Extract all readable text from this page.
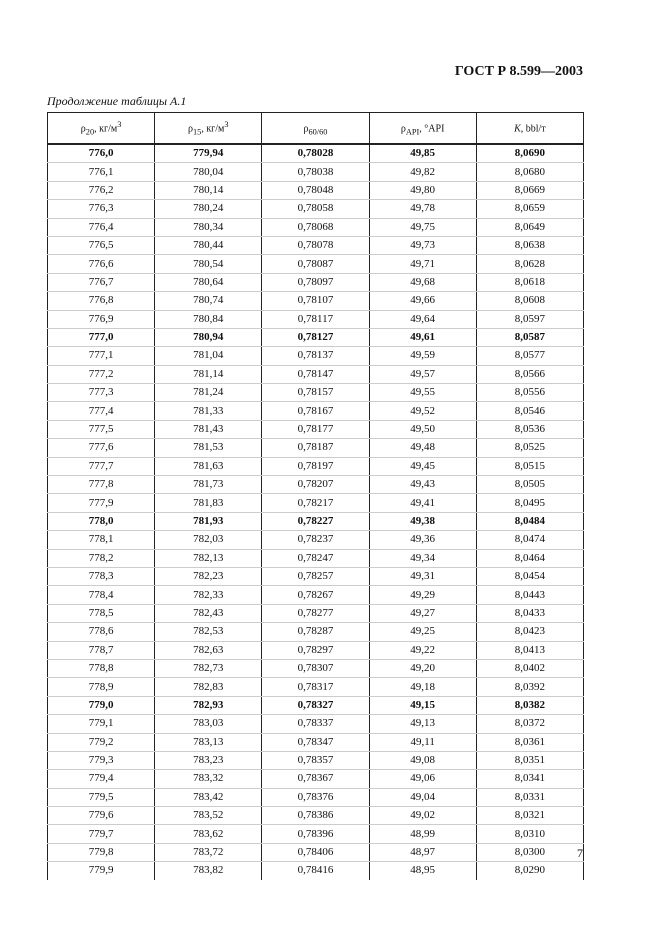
ГОСТ Р 8.599—2003
Продолжение таблицы А.1
$\rho_{20}$, $кг/м^3$	$\rho_{15}$, $кг/м^3$	$\rho_{60/60}$	$\rho_{API}$, °API	K, bbl/т
776,0	779,94	0,78028	49,85	8,0690
776,1	780,04	0,78038	49,82	8,0680
776,2	780,14	0,78048	49,80	8,0669
776,3	780,24	0,78058	49,78	8,0659
776,4	780,34	0,78068	49,75	8,0649
776,5	780,44	0,78078	49,73	8,0638
776,6	780,54	0,78087	49,71	8,0628
776,7	780,64	0,78097	49,68	8,0618
776,8	780,74	0,78107	49,66	8,0608
776,9	780,84	0,78117	49,64	8,0597
777,0	780,94	0,78127	49,61	8,0587
777,1	781,04	0,78137	49,59	8,0577
777,2	781,14	0,78147	49,57	8,0566
777,3	781,24	0,78157	49,55	8,0556
777,4	781,33	0,78167	49,52	8,0546
777,5	781,43	0,78177	49,50	8,0536
777,6	781,53	0,78187	49,48	8,0525
777,7	781,63	0,78197	49,45	8,0515
777,8	781,73	0,78207	49,43	8,0505
777,9	781,83	0,78217	49,41	8,0495
778,0	781,93	0,78227	49,38	8,0484
778,1	782,03	0,78237	49,36	8,0474
778,2	782,13	0,78247	49,34	8,0464
778,3	782,23	0,78257	49,31	8,0454
778,4	782,33	0,78267	49,29	8,0443
778,5	782,43	0,78277	49,27	8,0433
778,6	782,53	0,78287	49,25	8,0423
778,7	782,63	0,78297	49,22	8,0413
778,8	782,73	0,78307	49,20	8,0402
778,9	782,83	0,78317	49,18	8,0392
779,0	782,93	0,78327	49,15	8,0382
779,1	783,03	0,78337	49,13	8,0372
779,2	783,13	0,78347	49,11	8,0361
779,3	783,23	0,78357	49,08	8,0351
779,4	783,32	0,78367	49,06	8,0341
779,5	783,42	0,78376	49,04	8,0331
779,6	783,52	0,78386	49,02	8,0321
779,7	783,62	0,78396	48,99	8,0310
779,8	783,72	0,78406	48,97	8,0300
779,9	783,82	0,78416	48,95	8,0290
7
